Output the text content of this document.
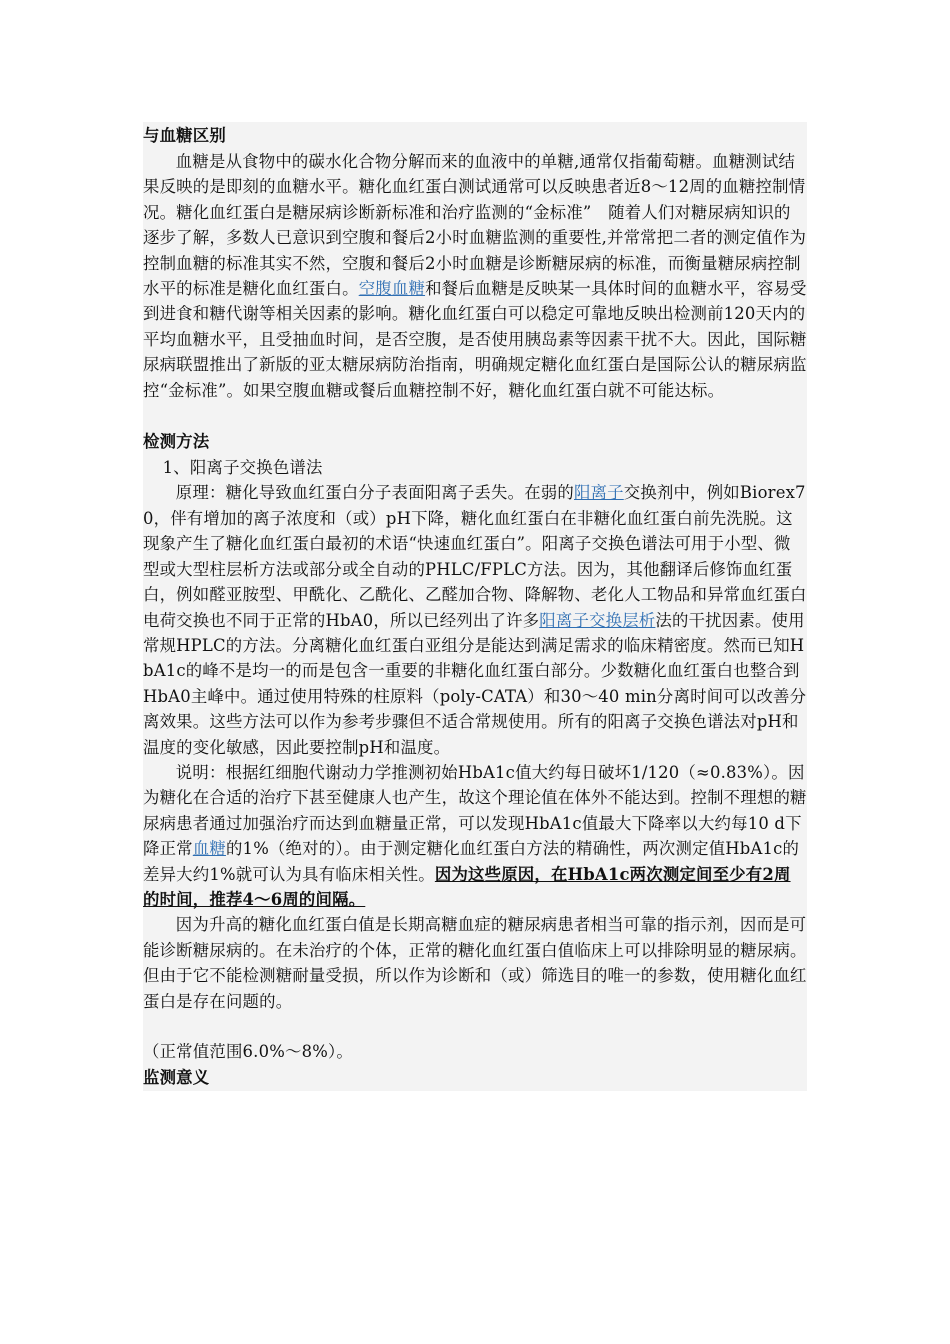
与血糖区别

血糖是从食物中的碳水化合物分解而来的血液中的单糖,通常仅指葡萄糖。血糖测试结果反映的是即刻的血糖水平。糖化血红蛋白测试通常可以反映患者近8～12周的血糖控制情况。糖化血红蛋白是糖尿病诊断新标准和治疗监测的“金标准”　随着人们对糖尿病知识的逐步了解，多数人已意识到空腹和餐后2小时血糖监测的重要性,并常常把二者的测定值作为控制血糖的标准其实不然，空腹和餐后2小时血糖是诊断糖尿病的标准，而衡量糖尿病控制水平的标准是糖化血红蛋白。空腹血糖和餐后血糖是反映某一具体时间的血糖水平，容易受到进食和糖代谢等相关因素的影响。糖化血红蛋白可以稳定可靠地反映出检测前120天内的平均血糖水平，且受抽血时间，是否空腹，是否使用胰岛素等因素干扰不大。因此，国际糖尿病联盟推出了新版的亚太糖尿病防治指南，明确规定糖化血红蛋白是国际公认的糖尿病监控“金标准”。如果空腹血糖或餐后血糖控制不好，糖化血红蛋白就不可能达标。

检测方法

1、阳离子交换色谱法

原理：糖化导致血红蛋白分子表面阳离子丢失。在弱的阳离子交换剂中，例如Biorex70，伴有增加的离子浓度和（或）pH下降，糖化血红蛋白在非糖化血红蛋白前先洗脱。这现象产生了糖化血红蛋白最初的术语“快速血红蛋白”。阳离子交换色谱法可用于小型、微型或大型柱层析方法或部分或全自动的PHLC/FPLC方法。因为，其他翻译后修饰血红蛋白，例如醛亚胺型、甲酰化、乙酰化、乙醛加合物、降解物、老化人工物品和异常血红蛋白电荷交换也不同于正常的HbA0，所以已经列出了许多阳离子交换层析法的干扰因素。使用常规HPLC的方法。分离糖化血红蛋白亚组分是能达到满足需求的临床精密度。然而已知HbA1c的峰不是均一的而是包含一重要的非糖化血红蛋白部分。少数糖化血红蛋白也整合到HbA0主峰中。通过使用特殊的柱原料（poly-CATA）和30～40 min分离时间可以改善分离效果。这些方法可以作为参考步骤但不适合常规使用。所有的阳离子交换色谱法对pH和温度的变化敏感，因此要控制pH和温度。

说明：根据红细胞代谢动力学推测初始HbA1c值大约每日破坏1/120（≈0.83%）。因为糖化在合适的治疗下甚至健康人也产生，故这个理论值在体外不能达到。控制不理想的糖尿病患者通过加强治疗而达到血糖量正常，可以发现HbA1c值最大下降率以大约每10 d下降正常血糖的1%（绝对的）。由于测定糖化血红蛋白方法的精确性，两次测定值HbA1c的差异大约1%就可认为具有临床相关性。因为这些原因，在HbA1c两次测定间至少有2周的时间，推荐4～6周的间隔。

因为升高的糖化血红蛋白值是长期高糖血症的糖尿病患者相当可靠的指示剂，因而是可能诊断糖尿病的。在未治疗的个体，正常的糖化血红蛋白值临床上可以排除明显的糖尿病。但由于它不能检测糖耐量受损，所以作为诊断和（或）筛选目的唯一的参数，使用糖化血红蛋白是存在问题的。

（正常值范围6.0%～8%）。

监测意义
